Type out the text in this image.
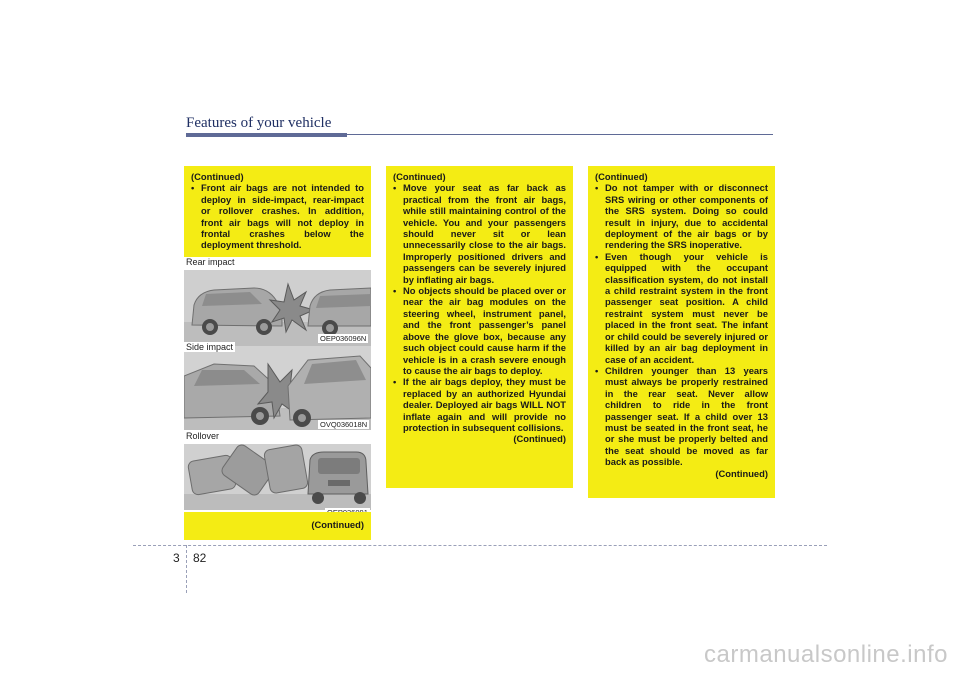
Features of your vehicle

(Continued)

• Front air bags are not intended to deploy in side-impact, rear-impact or rollover crashes. In addition, front air bags will not deploy in frontal crashes below the deployment threshold.
Rear impact
OEP036096N
Side impact
OVQ036018N
Rollover

(Continued)

(Continued)

• Move your seat as far back as practical from the front air bags, while still maintaining control of the vehicle. You and your passengers should never sit or lean unnecessarily close to the air bags. Improperly positioned drivers and passengers can be severely injured by inflating air bags.
• No objects should be placed over or near the air bag modules on the steering wheel, instrument panel, and the front passenger’s panel above the glove box, because any such object could cause harm if the vehicle is in a crash severe enough to cause the air bags to deploy.
• If the air bags deploy, they must be replaced by an authorized Hyundai dealer. Deployed air bags WILL NOT inflate again and will provide no protection in subsequent collisions.

(Continued)

(Continued)

• Do not tamper with or disconnect SRS wiring or other components of the SRS system. Doing so could result in injury, due to accidental deployment of the air bags or by rendering the SRS inoperative.
• Even though your vehicle is equipped with the occupant classification system, do not install a child restraint system in the front passenger seat position. A child restraint system must never be placed in the front seat. The infant or child could be severely injured or killed by an air bag deployment in case of an accident.
• Children younger than 13 years must always be properly restrained in the rear seat. Never allow children to ride in the front passenger seat. If a child over 13 must be seated in the front seat, he or she must be properly belted and the seat should be moved as far back as possible.

(Continued)

3 82
carmanualsonline.info
